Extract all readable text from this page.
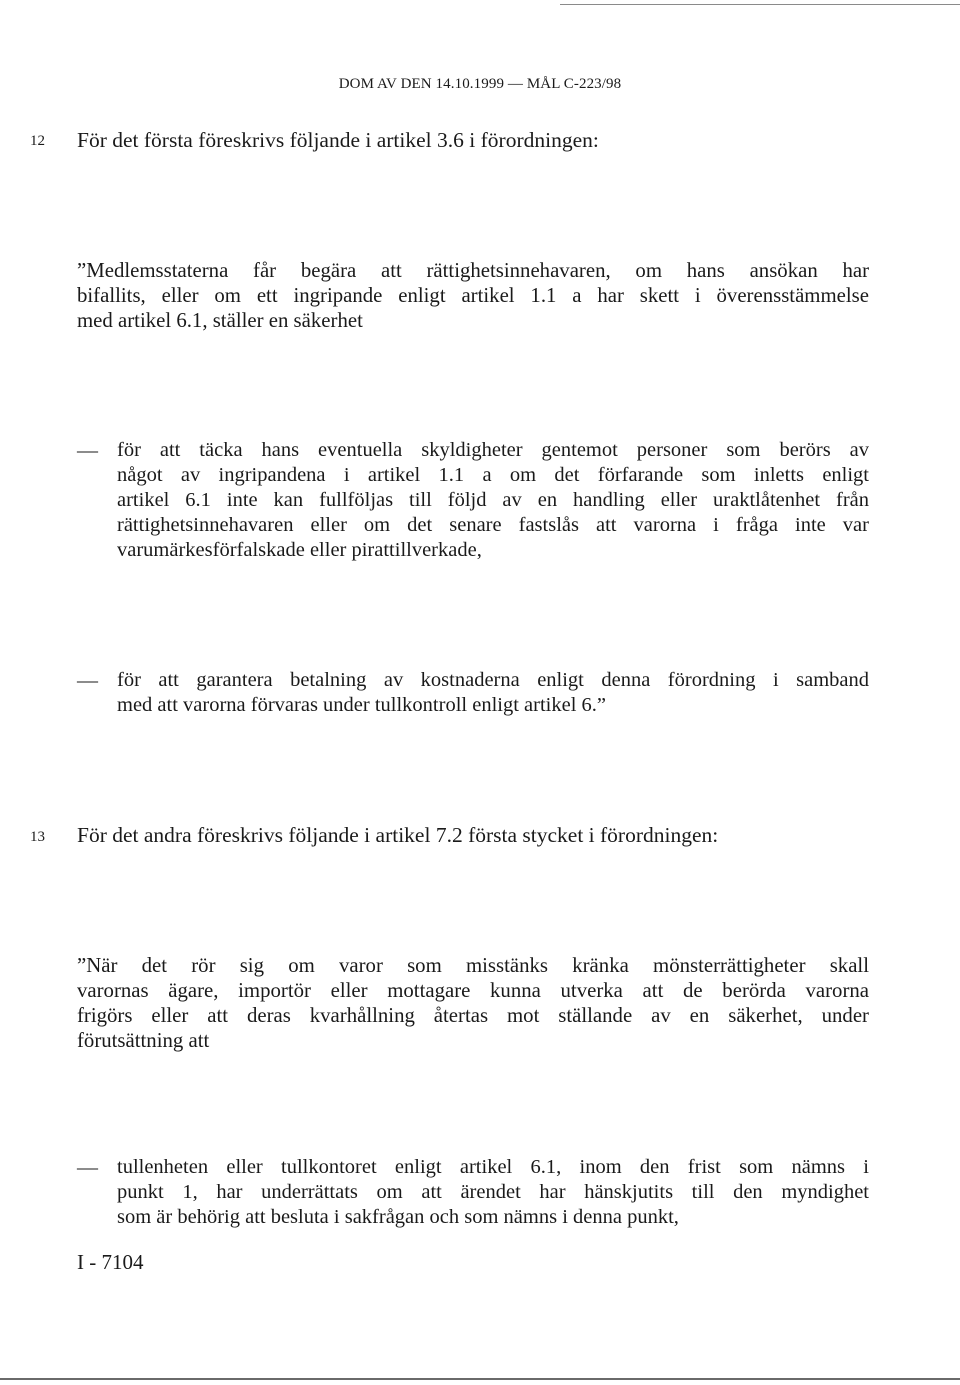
DOM AV DEN 14.10.1999 — MÅL C-223/98
12 För det första föreskrivs följande i artikel 3.6 i förordningen:
”Medlemsstaterna får begära att rättighetsinnehavaren, om hans ansökan har
bifallits, eller om ett ingripande enligt artikel 1.1 a har skett i överensstämmelse
med artikel 6.1, ställer en säkerhet
— för att täcka hans eventuella skyldigheter gentemot personer som berörs av
något av ingripandena i artikel 1.1 a om det förfarande som inletts enligt
artikel 6.1 inte kan fullföljas till följd av en handling eller uraktlåtenhet från
rättighetsinnehavaren eller om det senare fastslås att varorna i fråga inte var
varumärkesförfalskade eller pirattillverkade,
— för att garantera betalning av kostnaderna enligt denna förordning i samband
med att varorna förvaras under tullkontroll enligt artikel 6.”
13 För det andra föreskrivs följande i artikel 7.2 första stycket i förordningen:
”När det rör sig om varor som misstänks kränka mönsterrättigheter skall
varornas ägare, importör eller mottagare kunna utverka att de berörda varorna
frigörs eller att deras kvarhållning återtas mot ställande av en säkerhet, under
förutsättning att
— tullenheten eller tullkontoret enligt artikel 6.1, inom den frist som nämns i
punkt 1, har underrättats om att ärendet har hänskjutits till den myndighet
som är behörig att besluta i sakfrågan och som nämns i denna punkt,
I - 7104
